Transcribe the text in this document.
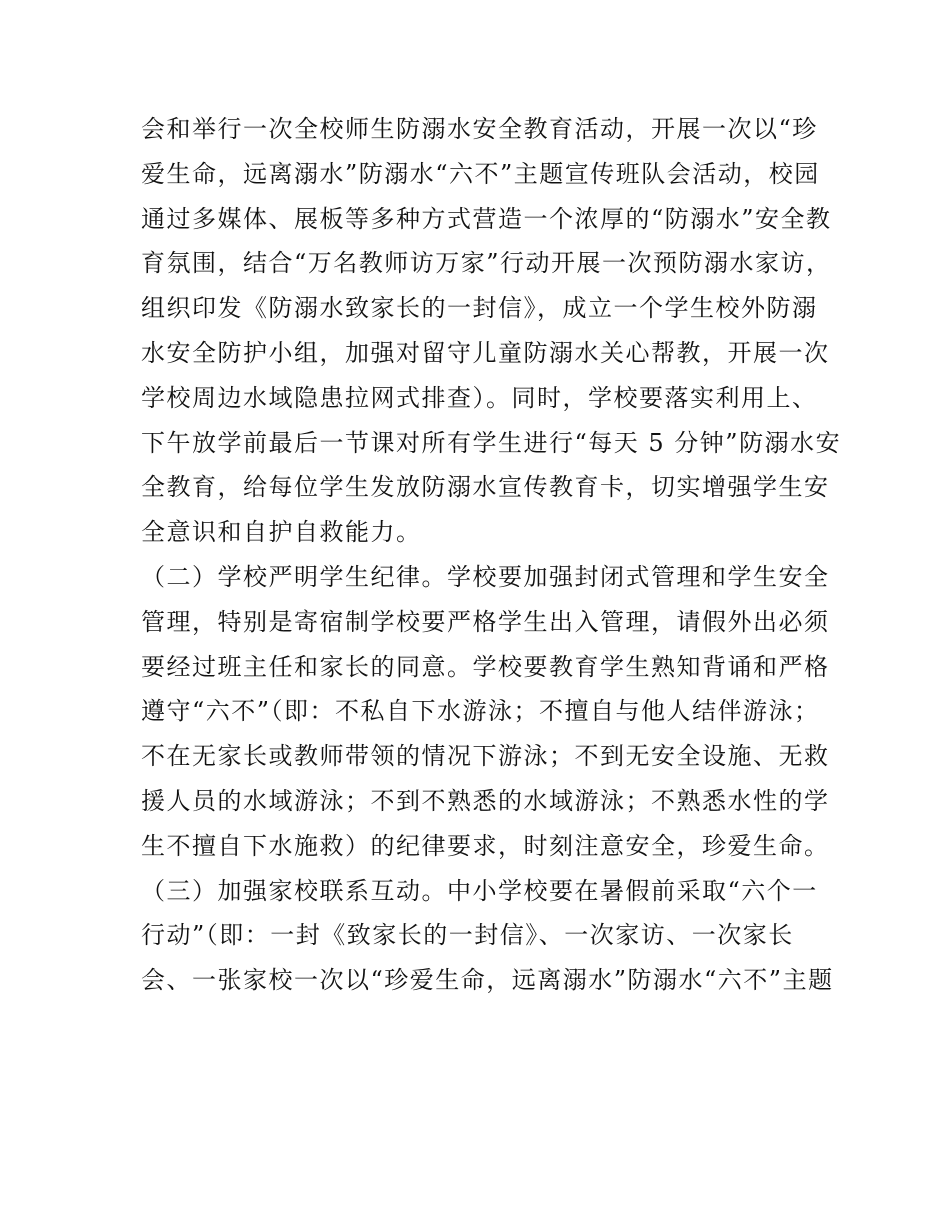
会和举行一次全校师生防溺水安全教育活动，开展一次以“珍
爱生命，远离溺水”防溺水“六不”主题宣传班队会活动，校园
通过多媒体、展板等多种方式营造一个浓厚的“防溺水”安全教
育氛围，结合“万名教师访万家”行动开展一次预防溺水家访，
组织印发《防溺水致家长的一封信》，成立一个学生校外防溺
水安全防护小组，加强对留守儿童防溺水关心帮教，开展一次
学校周边水域隐患拉网式排查）。同时，学校要落实利用上、
下午放学前最后一节课对所有学生进行“每天 5 分钟”防溺水安
全教育，给每位学生发放防溺水宣传教育卡，切实增强学生安
全意识和自护自救能力。
（二）学校严明学生纪律。学校要加强封闭式管理和学生安全
管理，特别是寄宿制学校要严格学生出入管理，请假外出必须
要经过班主任和家长的同意。学校要教育学生熟知背诵和严格
遵守“六不”（即：不私自下水游泳；不擅自与他人结伴游泳；
不在无家长或教师带领的情况下游泳；不到无安全设施、无救
援人员的水域游泳；不到不熟悉的水域游泳；不熟悉水性的学
生不擅自下水施救）的纪律要求，时刻注意安全，珍爱生命。
（三）加强家校联系互动。中小学校要在暑假前采取“六个一
行动”（即：一封《致家长的一封信》、一次家访、一次家长
会、一张家校一次以“珍爱生命，远离溺水”防溺水“六不”主题
